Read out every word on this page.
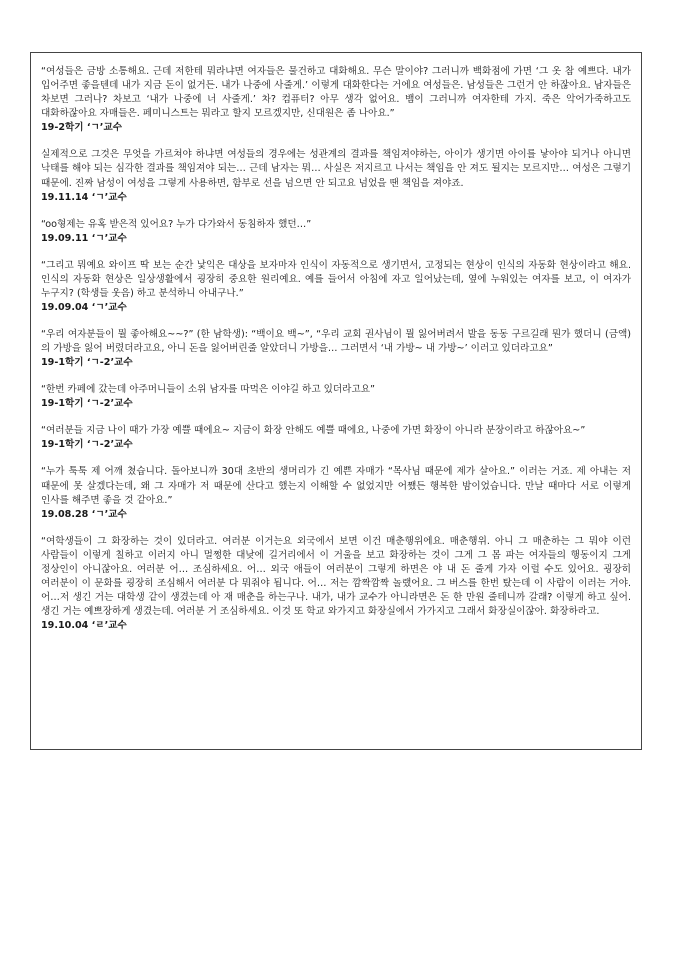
“여성들은 금방 소통해요. 근데 저한테 뭐라냐면 여자들은 물건하고 대화해요. 무슨 말이야? 그러니까 백화점에 가면 ‘그 옷 참 예쁘다. 내가 입어주면 좋을텐데 내가 지금 돈이 없거든. 내가 나중에 사줄게.’ 이렇게 대화한다는 거에요 여성들은. 남성들은 그런거 안 하잖아요. 남자들은 차보면 그러나? 차보고 ‘내가 나중에 너 사줄게.’ 차? 컴퓨터? 아무 생각 없어요. 뱀이 그러니까 여자한테 가지. 죽은 악어가죽하고도 대화하잖아요 자매들은. 페미니스트는 뭐라고 할지 모르겠지만, 신대원은 좀 나아요.”

19-2학기 ‘ㄱ’교수

실제적으로 그것은 무엇을 가르쳐야 하냐면 여성들의 경우에는 성관계의 결과를 책임져야하는, 아이가 생기면 아이를 낳아야 되거나 아니면 낙태를 해야 되는 심각한 결과를 책임져야 되는… 근데 남자는 뭐… 사실은 저지르고 나서는 책임을 안 져도 될지는 모르지만… 여성은 그렇기 때문에. 진짜 남성이 여성을 그렇게 사용하면, 함부로 선을 넘으면 안 되고요 넘었을 땐 책임을 져야죠.

19.11.14 ‘ㄱ’교수

“oo형제는 유혹 받은적 있어요? 누가 다가와서 동침하자 했던…”

19.09.11 ‘ㄱ’교수

“그리고 뭐예요 와이프 딱 보는 순간 낯익은 대상을 보자마자 인식이 자동적으로 생기면서, 고정되는 현상이 인식의 자동화 현상이라고 해요. 인식의 자동화 현상은 일상생활에서 굉장히 중요한 원리예요. 예를 들어서 아침에 자고 일어났는데, 옆에 누워있는 여자를 보고, 이 여자가 누구지? (학생들 웃음) 하고 분석하니 아내구나.”

19.09.04 ‘ㄱ’교수

“우리 여자분들이 뭘 좋아해요~~?” (한 남학생): “백이요 백~”, “우리 교회 권사님이 뭘 잃어버려서 발을 동동 구르길래 뭔가 했더니 (금액)의 가방을 잃어 버렸더라고요, 아니 돈을 잃어버린줄 알았더니 가방을… 그러면서 ‘내 가방~ 내 가방~’ 이러고 있더라고요”

19-1학기 ‘ㄱ-2’교수

“한번 카페에 갔는데 아주머니들이 소위 남자를 따먹은 이야길 하고 있더라고요”

19-1학기 ‘ㄱ-2’교수

“여러분들 지금 나이 때가 가장 예쁠 때에요~ 지금이 화장 안해도 예쁠 때에요, 나중에 가면 화장이 아니라 분장이라고 하잖아요~”

19-1학기 ‘ㄱ-2’교수

“누가 툭툭 제 어깨 쳤습니다. 돌아보니까 30대 초반의 생머리가 긴 예쁜 자매가 “목사님 때문에 제가 살아요.” 이러는 거죠. 제 아내는 저 때문에 못 살겠다는데, 왜 그 자매가 저 때문에 산다고 했는지 이해할 수 없었지만 어쨌든 행복한 밤이었습니다. 만날 때마다 서로 이렇게 인사를 해주면 좋을 것 같아요.”

19.08.28 ‘ㄱ’교수

“여학생들이 그 화장하는 것이 있더라고. 여러분 이거는요 외국에서 보면 이건 매춘행위에요. 매춘행위. 아니 그 매춘하는 그 뭐야 이런 사람들이 이렇게 칠하고 이러지 아니 멀쩡한 대낮에 길거리에서 이 거울을 보고 화장하는 것이 그게 그 몸 파는 여자들의 행동이지 그게 정상인이 아니잖아요. 여러분 어… 조심하세요. 어… 외국 애들이 여러분이 그렇게 하면은 야 내 돈 줄게 가자 이럴 수도 있어요. 굉장히 여러분이 이 문화를 굉장히 조심해서 여러분 다 뭐줘야 됩니다. 어… 저는 깜짝깜짝 놀랬어요. 그 버스를 한번 탔는데 이 사람이 이러는 거야. 어…저 생긴 거는 대학생 같이 생겼는데 아 재 매춘을 하는구나. 내가, 내가 교수가 아니라면은 돈 한 만원 줄테니까 갈래? 이렇게 하고 싶어. 생긴 거는 예쁘장하게 생겼는데. 여러분 거 조심하세요. 이것 또 학교 와가지고 화장실에서 가가지고 그래서 화장실이잖아. 화장하라고.

19.10.04 ‘ㄹ’교수
